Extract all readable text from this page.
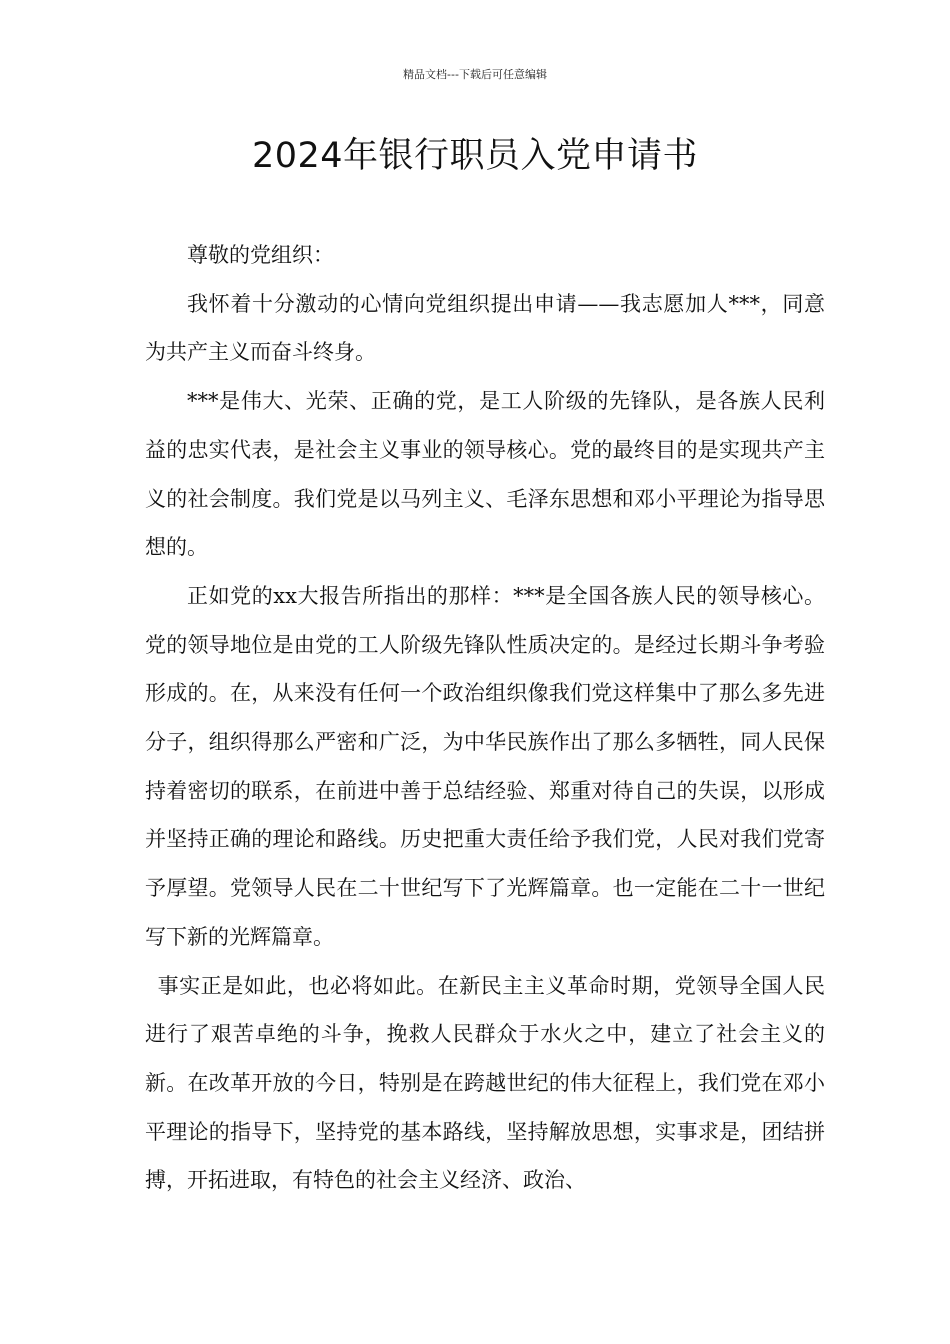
精品文档---下载后可任意编辑
2024年银行职员入党申请书

尊敬的党组织：

我怀着十分激动的心情向党组织提出申请——我志愿加人***，同意为共产主义而奋斗终身。

***是伟大、光荣、正确的党，是工人阶级的先锋队，是各族人民利益的忠实代表，是社会主义事业的领导核心。党的最终目的是实现共产主义的社会制度。我们党是以马列主义、毛泽东思想和邓小平理论为指导思想的。

正如党的xx大报告所指出的那样：***是全国各族人民的领导核心。党的领导地位是由党的工人阶级先锋队性质决定的。是经过长期斗争考验形成的。在，从来没有任何一个政治组织像我们党这样集中了那么多先进分子，组织得那么严密和广泛，为中华民族作出了那么多牺牲，同人民保持着密切的联系，在前进中善于总结经验、郑重对待自己的失误，以形成并坚持正确的理论和路线。历史把重大责任给予我们党，人民对我们党寄予厚望。党领导人民在二十世纪写下了光辉篇章。也一定能在二十一世纪写下新的光辉篇章。

事实正是如此，也必将如此。在新民主主义革命时期，党领导全国人民进行了艰苦卓绝的斗争，挽救人民群众于水火之中，建立了社会主义的新。在改革开放的今日，特别是在跨越世纪的伟大征程上，我们党在邓小平理论的指导下，坚持党的基本路线，坚持解放思想，实事求是，团结拼搏，开拓进取，有特色的社会主义经济、政治、
